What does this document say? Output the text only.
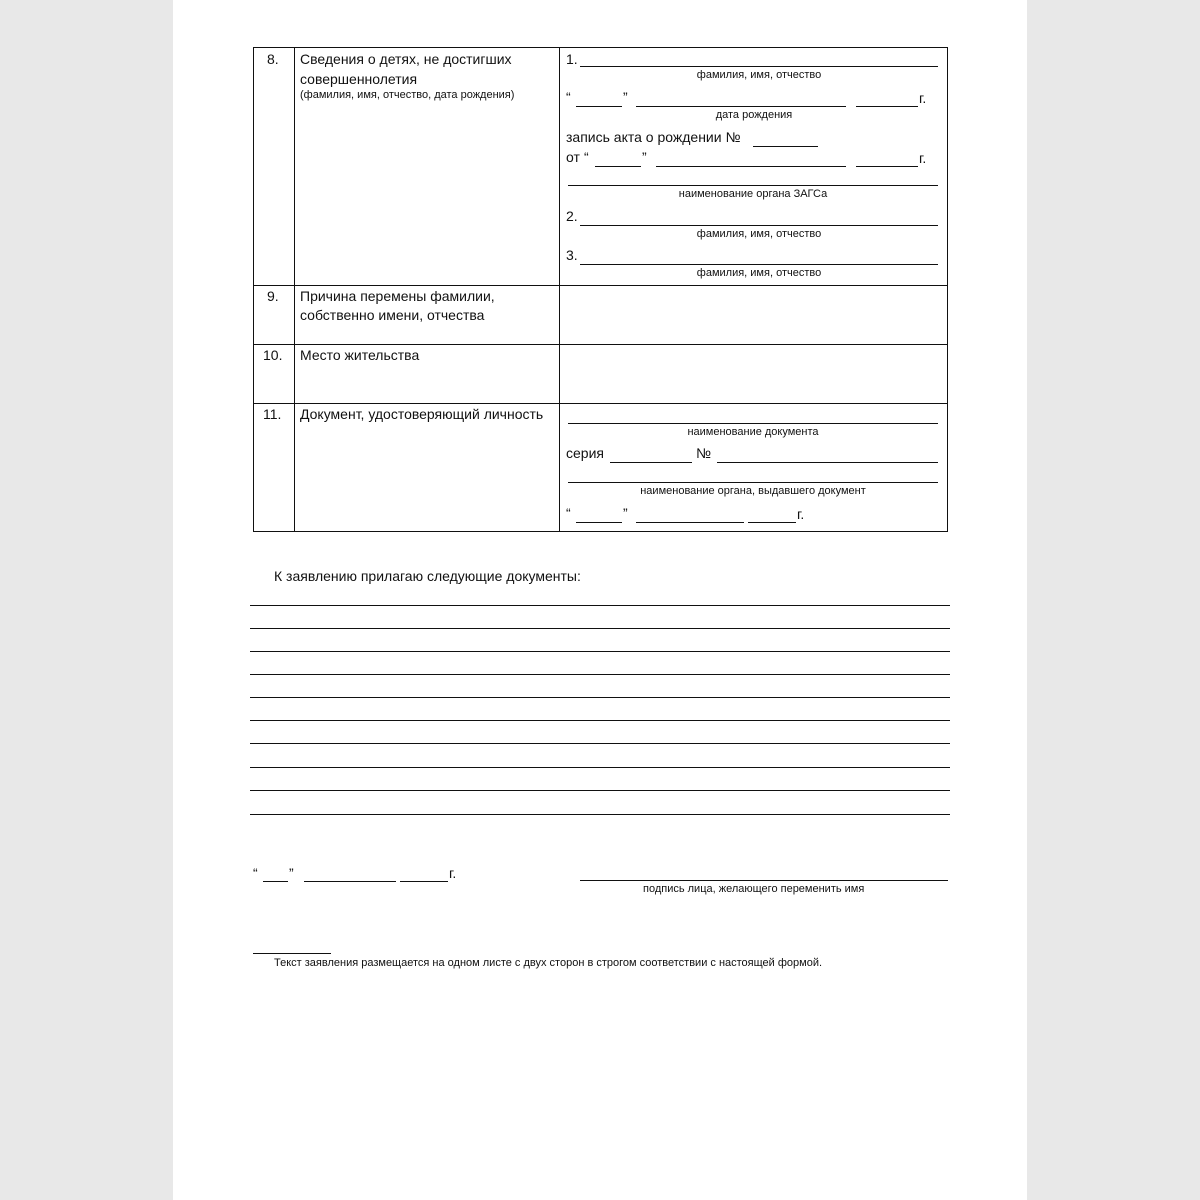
8. Сведения о детях, не достигших
совершеннолетия
(фамилия, имя, отчество, дата рождения)
1.
фамилия, имя, отчество
“	”	г.
дата рождения
запись акта о рождении №
от “	”	г.
наименование органа ЗАГСа
2.
фамилия, имя, отчество
3.
фамилия, имя, отчество
9. Причина перемены фамилии,
собственно имени, отчества
10. Место жительства
11. Документ, удостоверяющий личность
наименование документа
серия	№
наименование органа, выдавшего документ
“	”	г.
К заявлению прилагаю следующие документы:
“ ”	г.
подпись лица, желающего переменить имя
Текст заявления размещается на одном листе с двух сторон в строгом соответствии с настоящей формой.
